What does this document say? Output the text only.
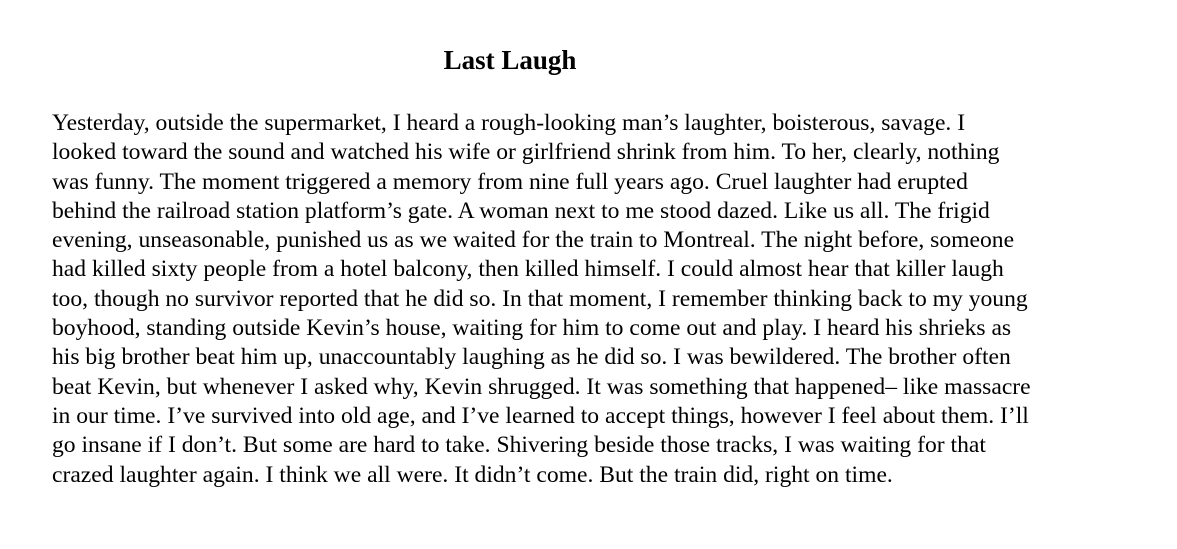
Last Laugh

Yesterday, outside the supermarket, I heard a rough-looking man’s laughter, boisterous, savage. I
looked toward the sound and watched his wife or girlfriend shrink from him. To her, clearly, nothing
was funny. The moment triggered a memory from nine full years ago. Cruel laughter had erupted
behind the railroad station platform’s gate. A woman next to me stood dazed. Like us all. The frigid
evening, unseasonable, punished us as we waited for the train to Montreal. The night before, someone
had killed sixty people from a hotel balcony, then killed himself. I could almost hear that killer laugh
too, though no survivor reported that he did so. In that moment, I remember thinking back to my young
boyhood, standing outside Kevin’s house, waiting for him to come out and play. I heard his shrieks as
his big brother beat him up, unaccountably laughing as he did so. I was bewildered. The brother often
beat Kevin, but whenever I asked why, Kevin shrugged. It was something that happened– like massacre
in our time. I’ve survived into old age, and I’ve learned to accept things, however I feel about them. I’ll
go insane if I don’t. But some are hard to take. Shivering beside those tracks, I was waiting for that
crazed laughter again. I think we all were. It didn’t come. But the train did, right on time.
